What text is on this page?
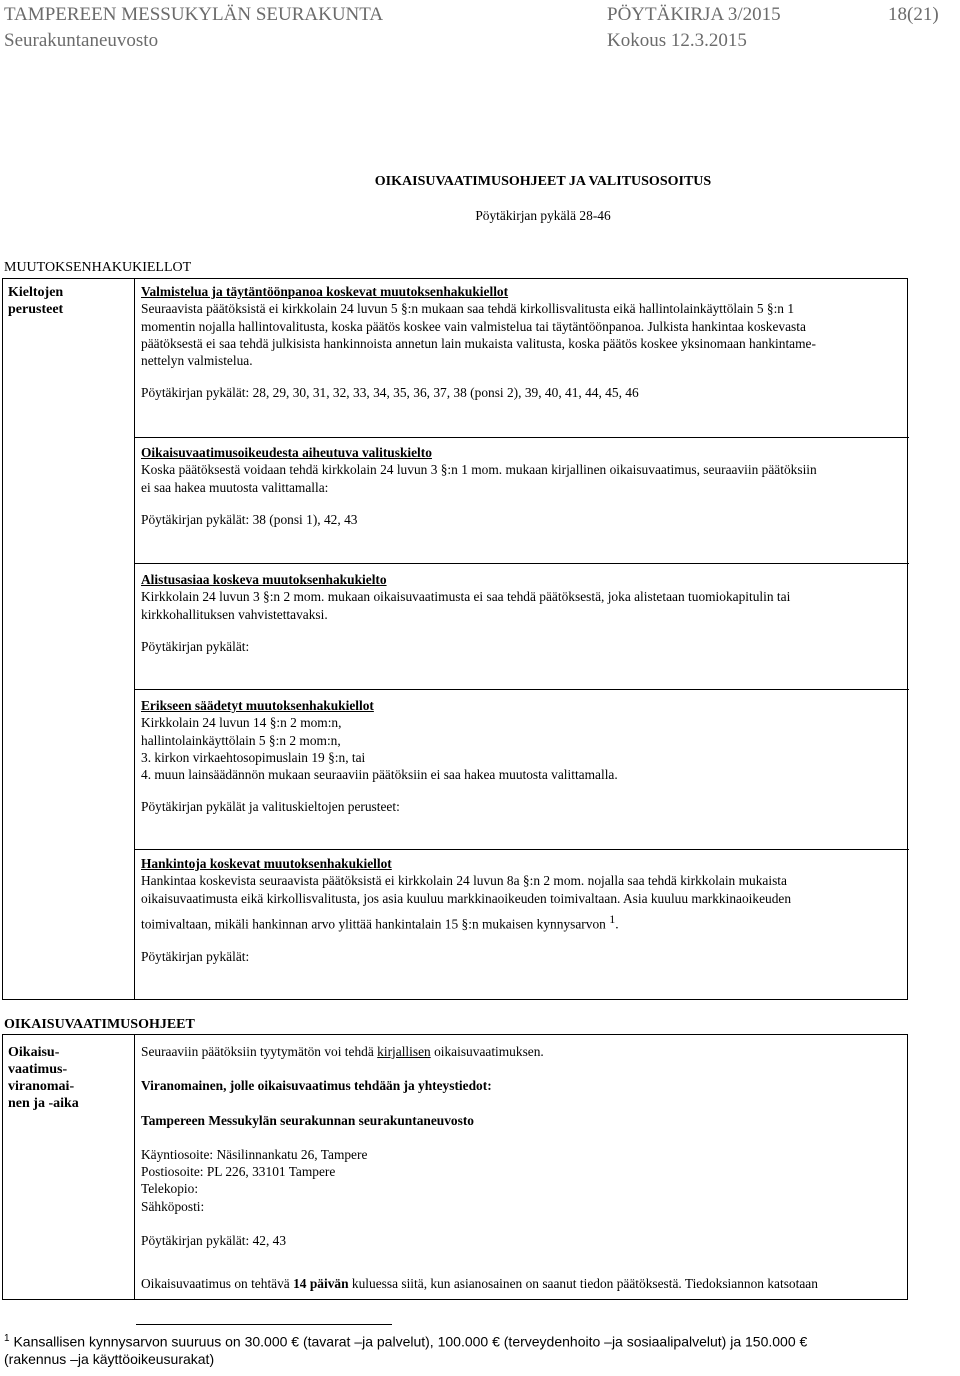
TAMPEREEN MESSUKYLÄN SEURAKUNTA	PÖYTÄKIRJA 3/2015	18(21)
Seurakuntaneuvosto	Kokous 12.3.2015
OIKAISUVAATIMUSOHJEET JA VALITUSOSOITUS
Pöytäkirjan pykälä 28-46
MUUTOKSENHAKUKIELLOT
Kieltojen
perusteet
Valmistelua ja täytäntöönpanoa koskevat muutoksenhakukiellot
Seuraavista päätöksistä ei kirkkolain 24 luvun 5 §:n mukaan saa tehdä kirkollisvalitusta eikä hallintolainkäyttölain 5 §:n 1
momentin nojalla hallintovalitusta, koska päätös koskee vain valmistelua tai täytäntöönpanoa. Julkista hankintaa koskevasta
päätöksestä ei saa tehdä julkisista hankinnoista annetun lain mukaista valitusta, koska päätös koskee yksinomaan hankintame-
nettelyn valmistelua.
Pöytäkirjan pykälät: 28, 29, 30, 31, 32, 33, 34, 35, 36, 37, 38 (ponsi 2), 39, 40, 41, 44, 45, 46
Oikaisuvaatimusoikeudesta aiheutuva valituskielto
Koska päätöksestä voidaan tehdä kirkkolain 24 luvun 3 §:n 1 mom. mukaan kirjallinen oikaisuvaatimus, seuraaviin päätöksiin
ei saa hakea muutosta valittamalla:
Pöytäkirjan pykälät: 38 (ponsi 1), 42, 43
Alistusasiaa koskeva muutoksenhakukielto
Kirkkolain 24 luvun 3 §:n 2 mom. mukaan oikaisuvaatimusta ei saa tehdä päätöksestä, joka alistetaan tuomiokapitulin tai
kirkkohallituksen vahvistettavaksi.
Pöytäkirjan pykälät:
Erikseen säädetyt muutoksenhakukiellot
Kirkkolain 24 luvun 14 §:n 2 mom:n,
hallintolainkäyttölain 5 §:n 2 mom:n,
3. kirkon virkaehtosopimuslain 19 §:n, tai
4. muun lainsäädännön mukaan seuraaviin päätöksiin ei saa hakea muutosta valittamalla.
Pöytäkirjan pykälät ja valituskieltojen perusteet:
Hankintoja koskevat muutoksenhakukiellot
Hankintaa koskevista seuraavista päätöksistä ei kirkkolain 24 luvun 8a §:n 2 mom. nojalla saa tehdä kirkkolain mukaista
oikaisuvaatimusta eikä kirkollisvalitusta, jos asia kuuluu markkinaoikeuden toimivaltaan. Asia kuuluu markkinaoikeuden
toimivaltaan, mikäli hankinnan arvo ylittää hankintalain 15 §:n mukaisen kynnysarvon $^1$.
Pöytäkirjan pykälät:
OIKAISUVAATIMUSOHJEET
Oikaisu-
vaatimus-
viranomai-
nen ja -aika
Seuraaviin päätöksiin tyytymätön voi tehdä kirjallisen oikaisuvaatimuksen.
Viranomainen, jolle oikaisuvaatimus tehdään ja yhteystiedot:
Tampereen Messukylän seurakunnan seurakuntaneuvosto
Käyntiosoite: Näsilinnankatu 26, Tampere
Postiosoite: PL 226, 33101 Tampere
Telekopio:
Sähköposti:
Pöytäkirjan pykälät: 42, 43
Oikaisuvaatimus on tehtävä 14 päivän kuluessa siitä, kun asianosainen on saanut tiedon päätöksestä. Tiedoksiannon katsotaan
$^1$ Kansallisen kynnysarvon suuruus on 30.000 € (tavarat –ja palvelut), 100.000 € (terveydenhoito –ja sosiaalipalvelut) ja 150.000 €
(rakennus –ja käyttöoikeusurakat)
